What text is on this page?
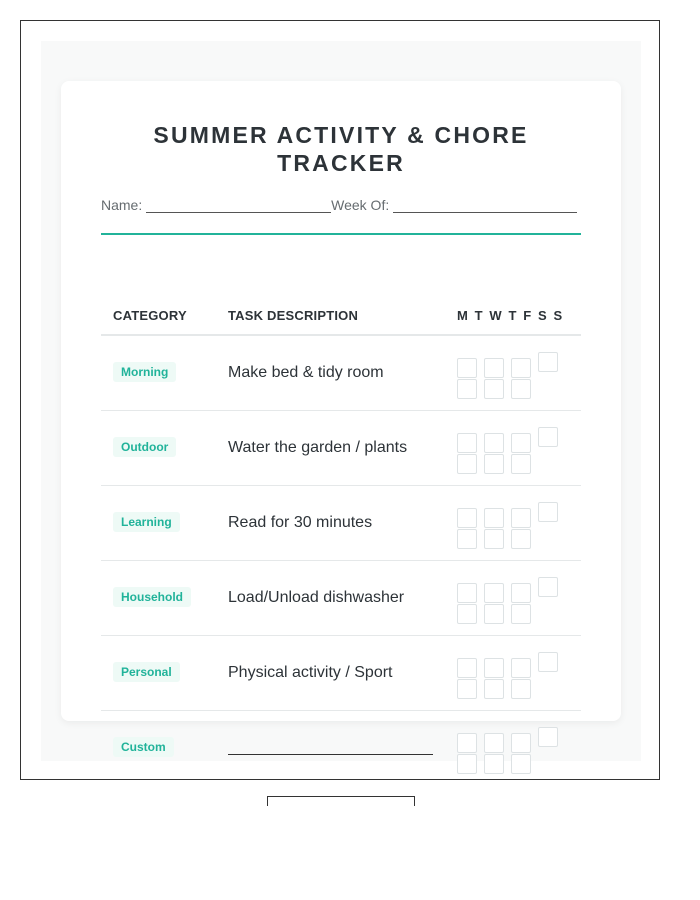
SUMMER ACTIVITY & CHORE
TRACKER
Name:	Week Of:
CATEGORY	TASK DESCRIPTION	M T W T F S S
Morning	Make bed & tidy room
Outdoor	Water the garden / plants
Learning	Read for 30 minutes
Household	Load/Unload dishwasher
Personal	Physical activity / Sport
Custom
